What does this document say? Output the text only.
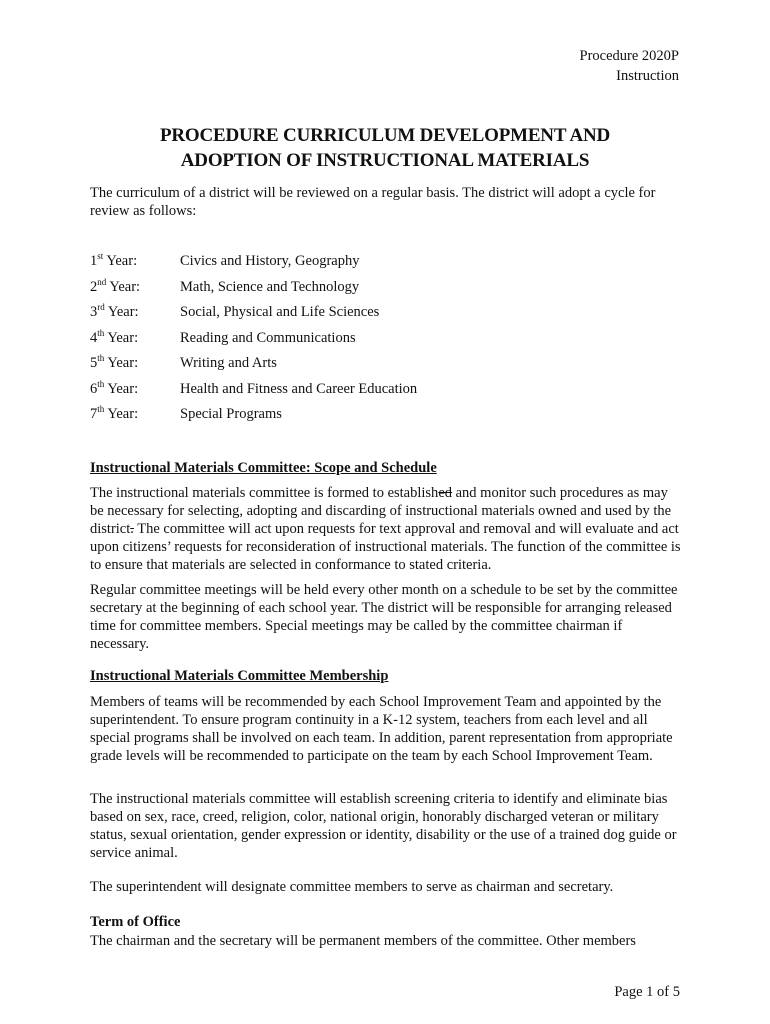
Procedure 2020P
Instruction
PROCEDURE CURRICULUM DEVELOPMENT AND
ADOPTION OF INSTRUCTIONAL MATERIALS
The curriculum of a district will be reviewed on a regular basis. The district will adopt a cycle for review as follows:
1st Year:	Civics and History, Geography
2nd Year:	Math, Science and Technology
3rd Year:	Social, Physical and Life Sciences
4th Year:	Reading and Communications
5th Year:	Writing and Arts
6th Year:	Health and Fitness and Career Education
7th Year:	Special Programs
Instructional Materials Committee: Scope and Schedule
The instructional materials committee is formed to established and monitor such procedures as may be necessary for selecting, adopting and discarding of instructional materials owned and used by the district. The committee will act upon requests for text approval and removal and will evaluate and act upon citizens’ requests for reconsideration of instructional materials. The function of the committee is to ensure that materials are selected in conformance to stated criteria.
Regular committee meetings will be held every other month on a schedule to be set by the committee secretary at the beginning of each school year. The district will be responsible for arranging released time for committee members. Special meetings may be called by the committee chairman if necessary.
Instructional Materials Committee Membership
Members of teams will be recommended by each School Improvement Team and appointed by the superintendent. To ensure program continuity in a K-12 system, teachers from each level and all special programs shall be involved on each team. In addition, parent representation from appropriate grade levels will be recommended to participate on the team by each School Improvement Team.
The instructional materials committee will establish screening criteria to identify and eliminate bias based on sex, race, creed, religion, color, national origin, honorably discharged veteran or military status, sexual orientation, gender expression or identity, disability or the use of a trained dog guide or service animal.
The superintendent will designate committee members to serve as chairman and secretary.
Term of Office
The chairman and the secretary will be permanent members of the committee. Other members
Page 1 of 5
